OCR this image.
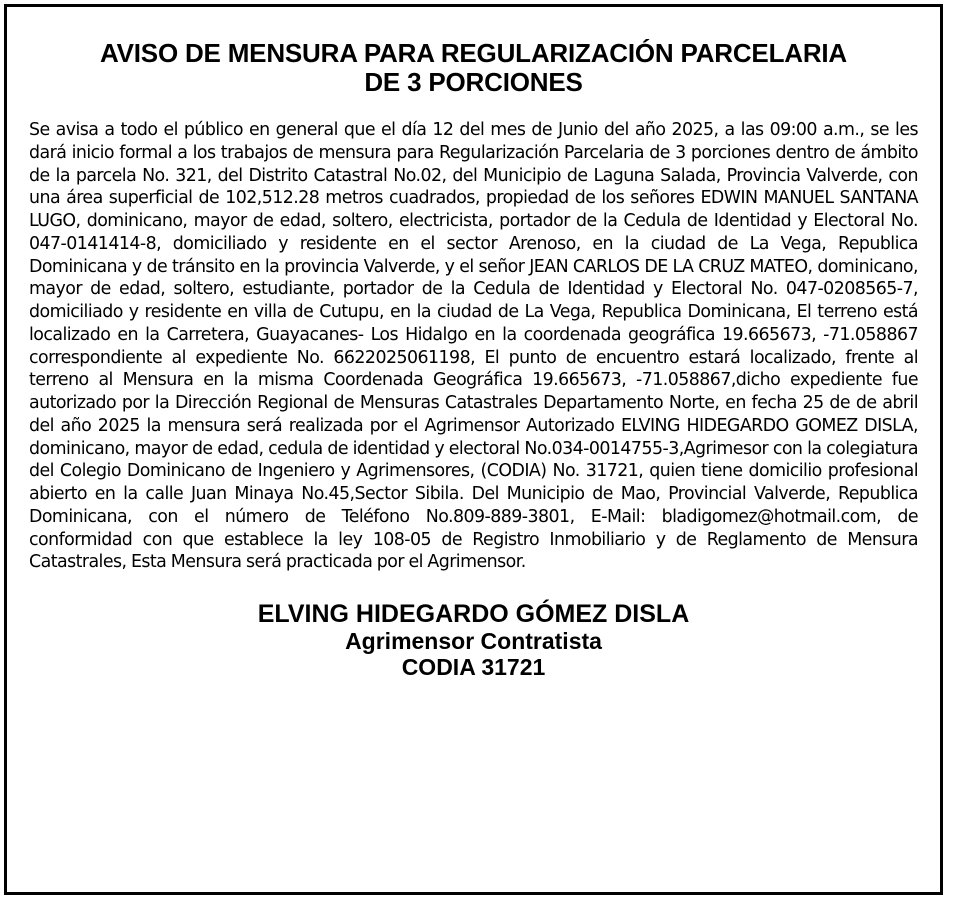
AVISO DE MENSURA PARA REGULARIZACIÓN PARCELARIA
DE 3 PORCIONES
Se avisa a todo el público en general que el día 12 del mes de Junio del año 2025, a las 09:00 a.m., se les dará inicio formal a los trabajos de mensura para Regularización Parcelaria de 3 porciones dentro de ámbito de la parcela No. 321, del Distrito Catastral No.02, del Municipio de Laguna Salada, Provincia Valverde, con una área superficial de 102,512.28 metros cuadrados, propiedad de los señores EDWIN MANUEL SANTANA LUGO, dominicano, mayor de edad, soltero, electricista, portador de la Cedula de Identidad y Electoral No. 047-0141414-8, domiciliado y residente en el sector Arenoso, en la ciudad de La Vega, Republica Dominicana y de tránsito en la provincia Valverde, y el señor JEAN CARLOS DE LA CRUZ MATEO, dominicano, mayor de edad, soltero, estudiante, portador de la Cedula de Identidad y Electoral No. 047-0208565-7, domiciliado y residente en villa de Cutupu, en la ciudad de La Vega, Republica Dominicana, El terreno está localizado en la Carretera, Guayacanes- Los Hidalgo en la coordenada geográfica 19.665673, -71.058867 correspondiente al expediente No. 6622025061198, El punto de encuentro estará localizado, frente al terreno al Mensura en la misma Coordenada Geográfica 19.665673, -71.058867,dicho expediente fue autorizado por la Dirección Regional de Mensuras Catastrales Departamento Norte, en fecha 25 de de abril del año 2025 la mensura será realizada por el Agrimensor Autorizado ELVING HIDEGARDO GOMEZ DISLA, dominicano, mayor de edad, cedula de identidad y electoral No.034-0014755-3,Agrimesor con la colegiatura del Colegio Dominicano de Ingeniero y Agrimensores, (CODIA) No. 31721, quien tiene domicilio profesional abierto en la calle Juan Minaya No.45,Sector Sibila. Del Municipio de Mao, Provincial Valverde, Republica Dominicana, con el número de Teléfono No.809-889-3801, E-Mail: bladigomez@hotmail.com, de conformidad con que establece la ley 108-05 de Registro Inmobiliario y de Reglamento de Mensura Catastrales, Esta Mensura será practicada por el Agrimensor.
ELVING HIDEGARDO GÓMEZ DISLA
Agrimensor Contratista
CODIA 31721
